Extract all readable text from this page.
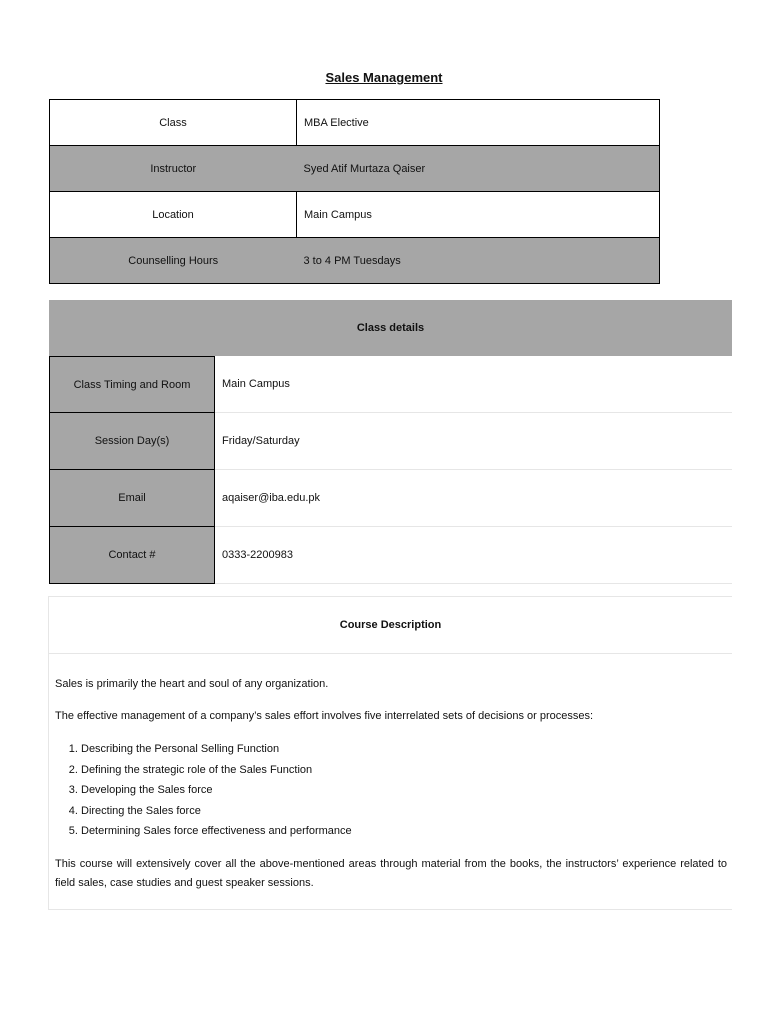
Sales Management
Class	MBA Elective
Instructor	Syed Atif Murtaza Qaiser
Location	Main Campus
Counselling Hours	3 to 4 PM Tuesdays
Class details
Class Timing and Room	Main Campus
Session Day(s)	Friday/Saturday
Email	aqaiser@iba.edu.pk
Contact #	0333-2200983
Course Description

Sales is primarily the heart and soul of any organization.

The effective management of a company’s sales effort involves five interrelated sets of decisions or processes:

1. Describing the Personal Selling Function
2. Defining the strategic role of the Sales Function
3. Developing the Sales force
4. Directing the Sales force
5. Determining Sales force effectiveness and performance

This course will extensively cover all the above-mentioned areas through material from the books, the instructors’ experience related to field sales, case studies and guest speaker sessions.
